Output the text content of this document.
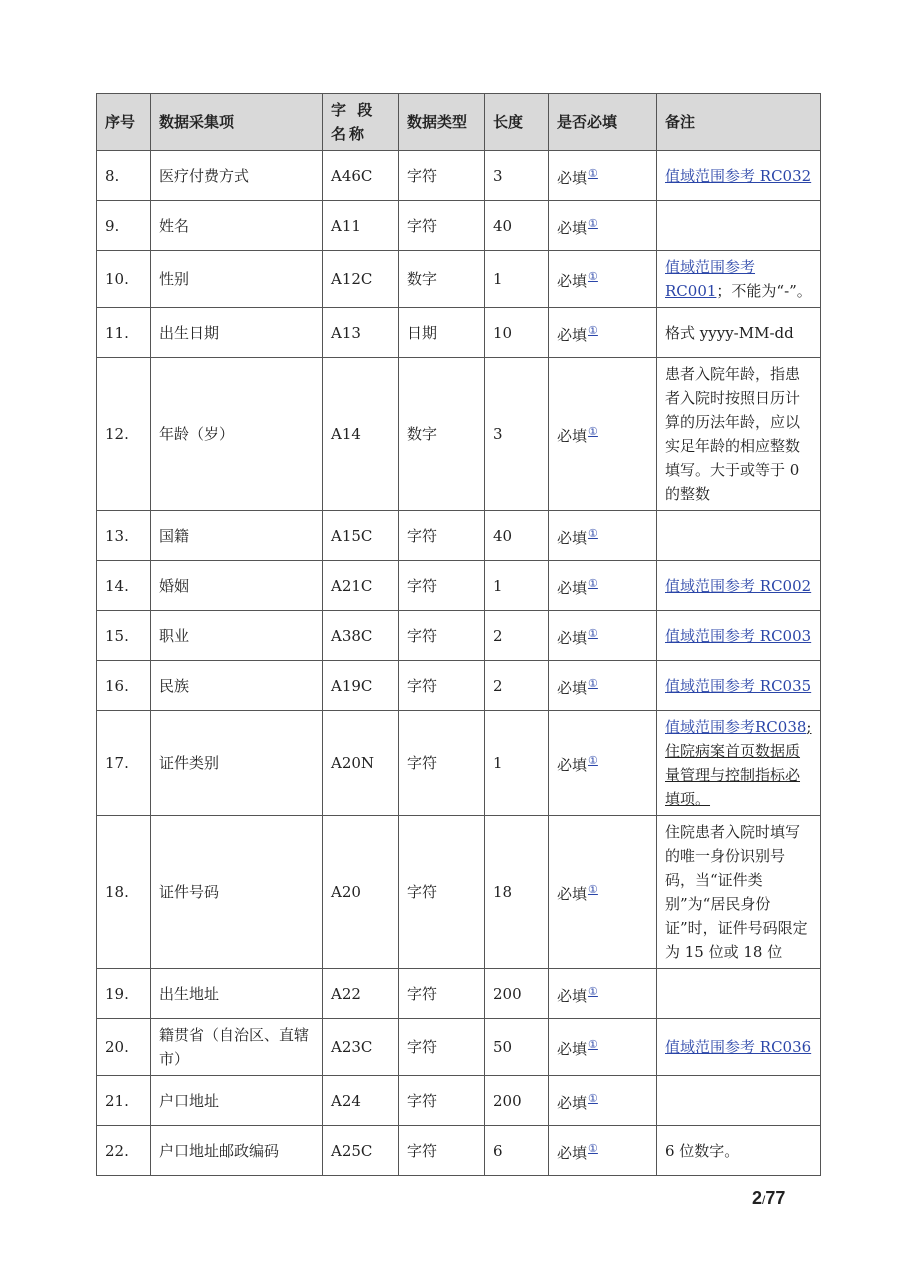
序号	数据采集项	字 段 名称	数据类型	长度	是否必填	备注
8.	医疗付费方式	A46C	字符	3	必填①	值域范围参考 RC032
9.	姓名	A11	字符	40	必填①	
10.	性别	A12C	数字	1	必填①	值域范围参考RC001；不能为“-”。
11.	出生日期	A13	日期	10	必填①	格式 yyyy-MM-dd
12.	年龄（岁）	A14	数字	3	必填①	患者入院年龄，指患者入院时按照日历计算的历法年龄，应以实足年龄的相应整数填写。大于或等于 0 的整数
13.	国籍	A15C	字符	40	必填①	
14.	婚姻	A21C	字符	1	必填①	值域范围参考 RC002
15.	职业	A38C	字符	2	必填①	值域范围参考 RC003
16.	民族	A19C	字符	2	必填①	值域范围参考 RC035
17.	证件类别	A20N	字符	1	必填①	值域范围参考RC038;住院病案首页数据质量管理与控制指标必填项。
18.	证件号码	A20	字符	18	必填①	住院患者入院时填写的唯一身份识别号码，当“证件类别”为“居民身份证”时，证件号码限定为 15 位或 18 位
19.	出生地址	A22	字符	200	必填①	
20.	籍贯省（自治区、直辖市）	A23C	字符	50	必填①	值域范围参考 RC036
21.	户口地址	A24	字符	200	必填①	
22.	户口地址邮政编码	A25C	字符	6	必填①	6 位数字。
2/77
